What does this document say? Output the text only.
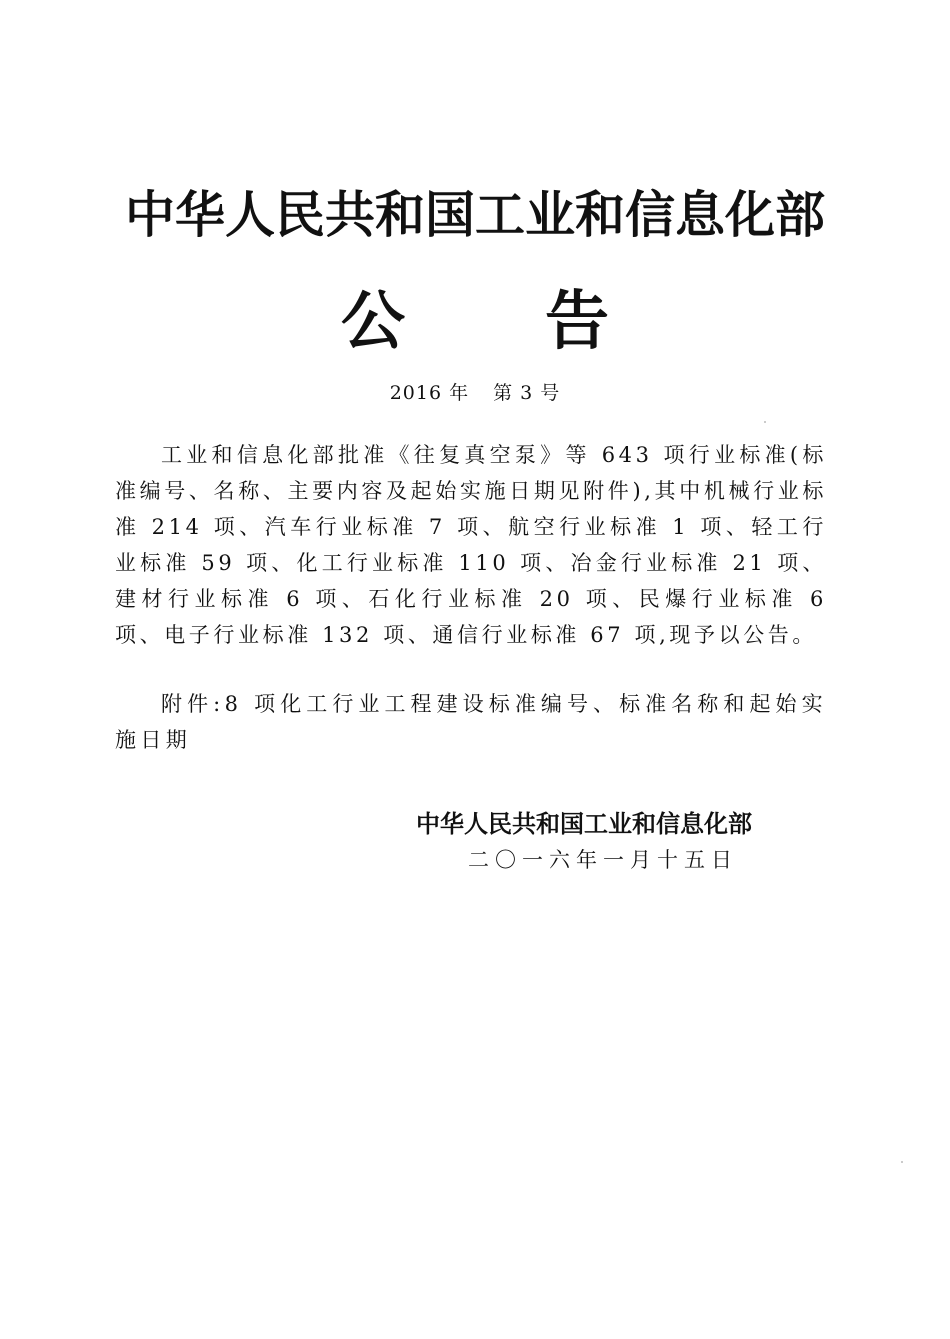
中华人民共和国工业和信息化部
公 告
2016 年 第 3 号

工业和信息化部批准《往复真空泵》等 643 项行业标准(标准编号、名称、主要内容及起始实施日期见附件),其中机械行业标准 214 项、汽车行业标准 7 项、航空行业标准 1 项、轻工行业标准 59 项、化工行业标准 110 项、冶金行业标准 21 项、建材行业标准 6 项、石化行业标准 20 项、民爆行业标准 6 项、电子行业标准 132 项、通信行业标准 67 项,现予以公告。

附件:8 项化工行业工程建设标准编号、标准名称和起始实施日期

中华人民共和国工业和信息化部
二〇一六年一月十五日
